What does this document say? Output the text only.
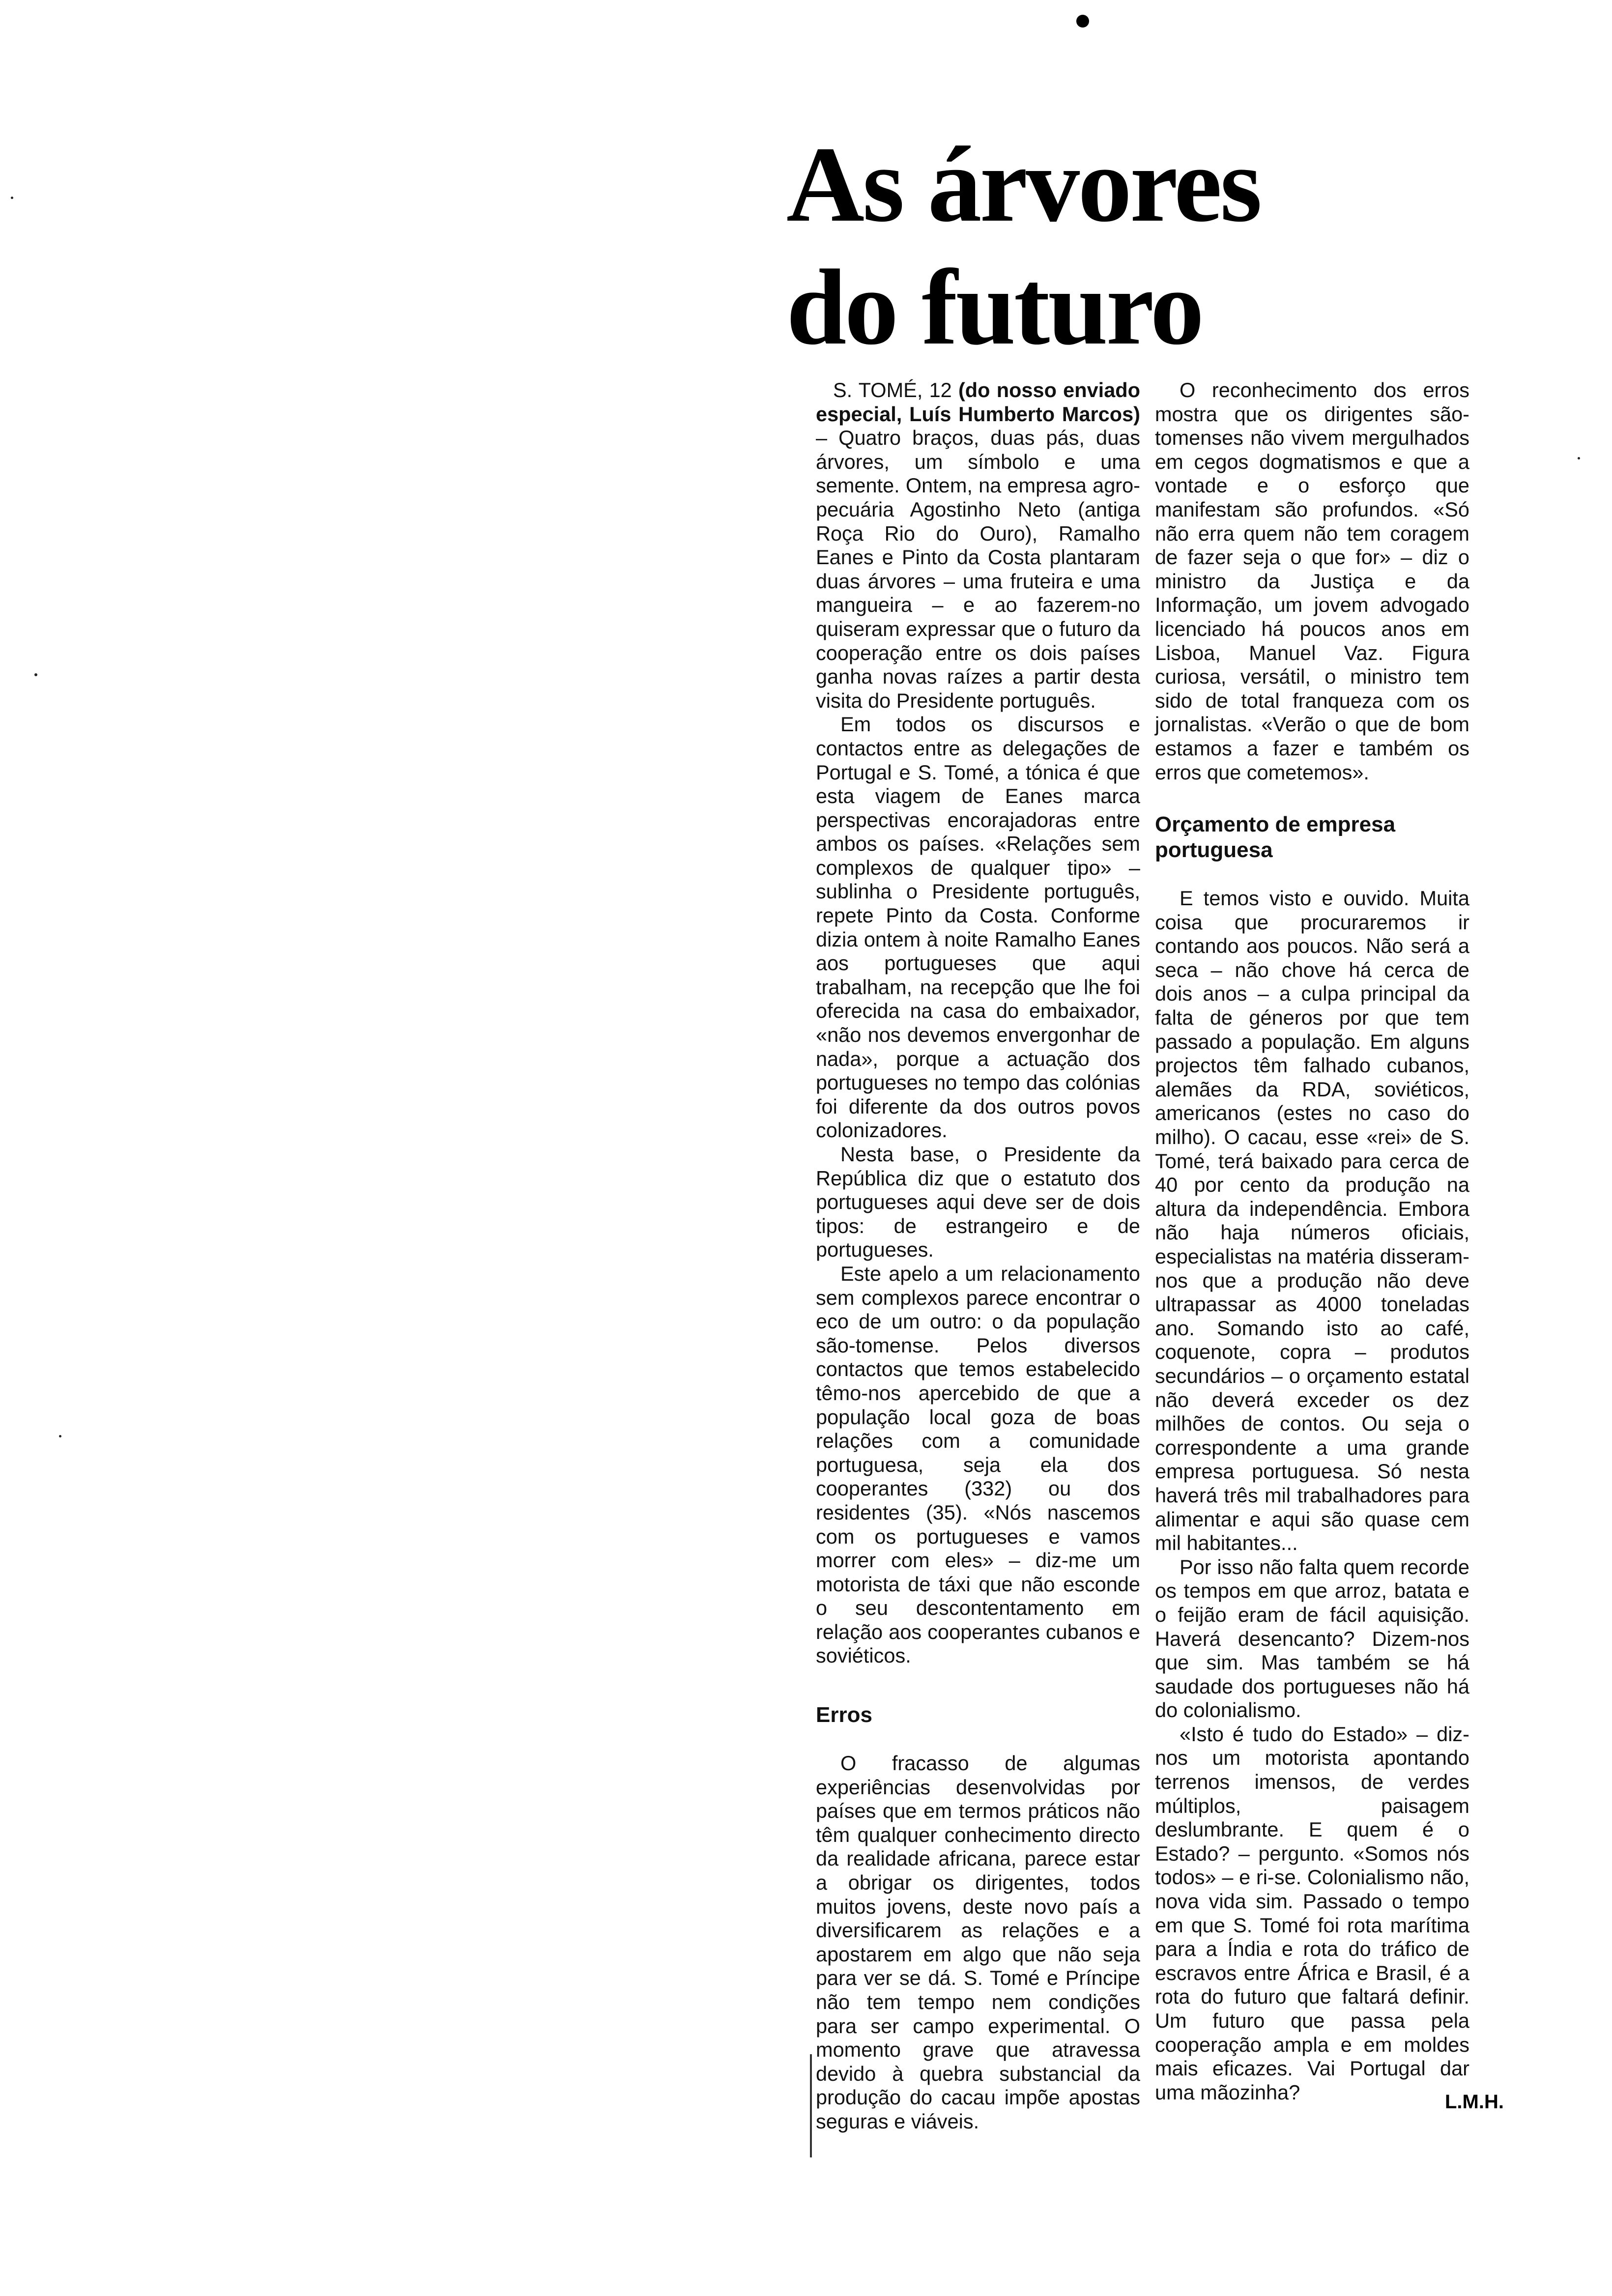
As árvores
do futuro

S. TOMÉ, 12 (do nosso enviado especial, Luís Humberto Marcos) – Quatro braços, duas pás, duas árvores, um símbolo e uma semente. Ontem, na empresa agro-pecuária Agostinho Neto (antiga Roça Rio do Ouro), Ramalho Eanes e Pinto da Costa plantaram duas árvores – uma fruteira e uma mangueira – e ao fazerem-no quiseram expressar que o futuro da cooperação entre os dois países ganha novas raízes a partir desta visita do Presidente português.

Em todos os discursos e contactos entre as delegações de Portugal e S. Tomé, a tónica é que esta viagem de Eanes marca perspectivas encorajadoras entre ambos os países. «Relações sem complexos de qualquer tipo» – sublinha o Presidente português, repete Pinto da Costa. Conforme dizia ontem à noite Ramalho Eanes aos portugueses que aqui trabalham, na recepção que lhe foi oferecida na casa do embaixador, «não nos devemos envergonhar de nada», porque a actuação dos portugueses no tempo das colónias foi diferente da dos outros povos colonizadores.

Nesta base, o Presidente da República diz que o estatuto dos portugueses aqui deve ser de dois tipos: de estrangeiro e de portugueses.

Este apelo a um relacionamento sem complexos parece encontrar o eco de um outro: o da população são-tomense. Pelos diversos contactos que temos estabelecido têmo-nos apercebido de que a população local goza de boas relações com a comunidade portuguesa, seja ela dos cooperantes (332) ou dos residentes (35). «Nós nascemos com os portugueses e vamos morrer com eles» – diz-me um motorista de táxi que não esconde o seu descontentamento em relação aos cooperantes cubanos e soviéticos.

Erros

O fracasso de algumas experiências desenvolvidas por países que em termos práticos não têm qualquer conhecimento directo da realidade africana, parece estar a obrigar os dirigentes, todos muitos jovens, deste novo país a diversificarem as relações e a apostarem em algo que não seja para ver se dá. S. Tomé e Príncipe não tem tempo nem condições para ser campo experimental. O momento grave que atravessa devido à quebra substancial da produção do cacau impõe apostas seguras e viáveis.

O reconhecimento dos erros mostra que os dirigentes são-tomenses não vivem mergulhados em cegos dogmatismos e que a vontade e o esforço que manifestam são profundos. «Só não erra quem não tem coragem de fazer seja o que for» – diz o ministro da Justiça e da Informação, um jovem advogado licenciado há poucos anos em Lisboa, Manuel Vaz. Figura curiosa, versátil, o ministro tem sido de total franqueza com os jornalistas. «Verão o que de bom estamos a fazer e também os erros que cometemos».

Orçamento de empresa portuguesa

E temos visto e ouvido. Muita coisa que procuraremos ir contando aos poucos. Não será a seca – não chove há cerca de dois anos – a culpa principal da falta de géneros por que tem passado a população. Em alguns projectos têm falhado cubanos, alemães da RDA, soviéticos, americanos (estes no caso do milho). O cacau, esse «rei» de S. Tomé, terá baixado para cerca de 40 por cento da produção na altura da independência. Embora não haja números oficiais, especialistas na matéria disseram-nos que a produção não deve ultrapassar as 4000 toneladas ano. Somando isto ao café, coquenote, copra – produtos secundários – o orçamento estatal não deverá exceder os dez milhões de contos. Ou seja o correspondente a uma grande empresa portuguesa. Só nesta haverá três mil trabalhadores para alimentar e aqui são quase cem mil habitantes...

Por isso não falta quem recorde os tempos em que arroz, batata e o feijão eram de fácil aquisição. Haverá desencanto? Dizem-nos que sim. Mas também se há saudade dos portugueses não há do colonialismo.

«Isto é tudo do Estado» – diz-nos um motorista apontando terrenos imensos, de verdes múltiplos, paisagem deslumbrante. E quem é o Estado? – pergunto. «Somos nós todos» – e ri-se. Colonialismo não, nova vida sim. Passado o tempo em que S. Tomé foi rota marítima para a Índia e rota do tráfico de escravos entre África e Brasil, é a rota do futuro que faltará definir. Um futuro que passa pela cooperação ampla e em moldes mais eficazes. Vai Portugal dar uma mãozinha?	L.M.H.
